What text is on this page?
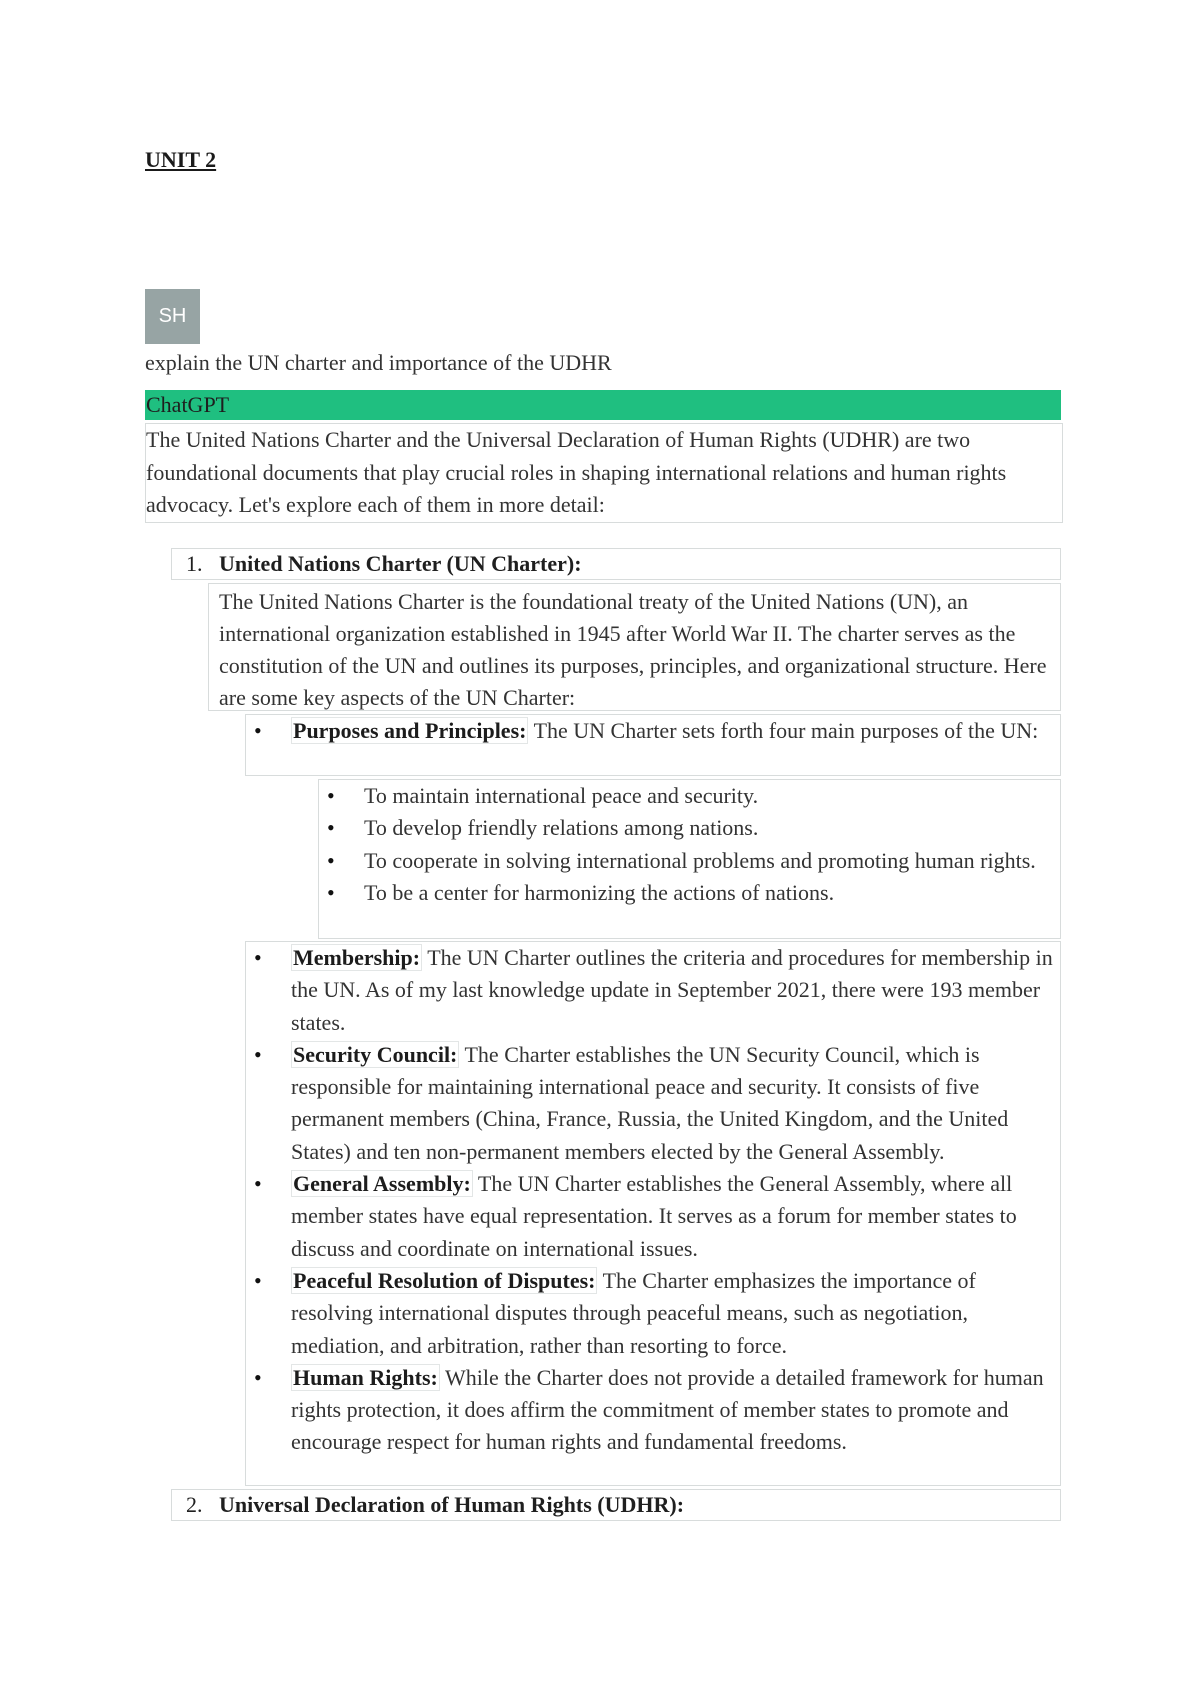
UNIT 2
SH
explain the UN charter and importance of the UDHR
ChatGPT
The United Nations Charter and the Universal Declaration of Human Rights (UDHR) are two foundational documents that play crucial roles in shaping international relations and human rights advocacy. Let's explore each of them in more detail:
1. United Nations Charter (UN Charter):
The United Nations Charter is the foundational treaty of the United Nations (UN), an international organization established in 1945 after World War II. The charter serves as the constitution of the UN and outlines its purposes, principles, and organizational structure. Here are some key aspects of the UN Charter:
• Purposes and Principles: The UN Charter sets forth four main purposes of the UN:
• To maintain international peace and security.
• To develop friendly relations among nations.
• To cooperate in solving international problems and promoting human rights.
• To be a center for harmonizing the actions of nations.
• Membership: The UN Charter outlines the criteria and procedures for membership in the UN. As of my last knowledge update in September 2021, there were 193 member states.
• Security Council: The Charter establishes the UN Security Council, which is responsible for maintaining international peace and security. It consists of five permanent members (China, France, Russia, the United Kingdom, and the United States) and ten non-permanent members elected by the General Assembly.
• General Assembly: The UN Charter establishes the General Assembly, where all member states have equal representation. It serves as a forum for member states to discuss and coordinate on international issues.
• Peaceful Resolution of Disputes: The Charter emphasizes the importance of resolving international disputes through peaceful means, such as negotiation, mediation, and arbitration, rather than resorting to force.
• Human Rights: While the Charter does not provide a detailed framework for human rights protection, it does affirm the commitment of member states to promote and encourage respect for human rights and fundamental freedoms.
2. Universal Declaration of Human Rights (UDHR):
